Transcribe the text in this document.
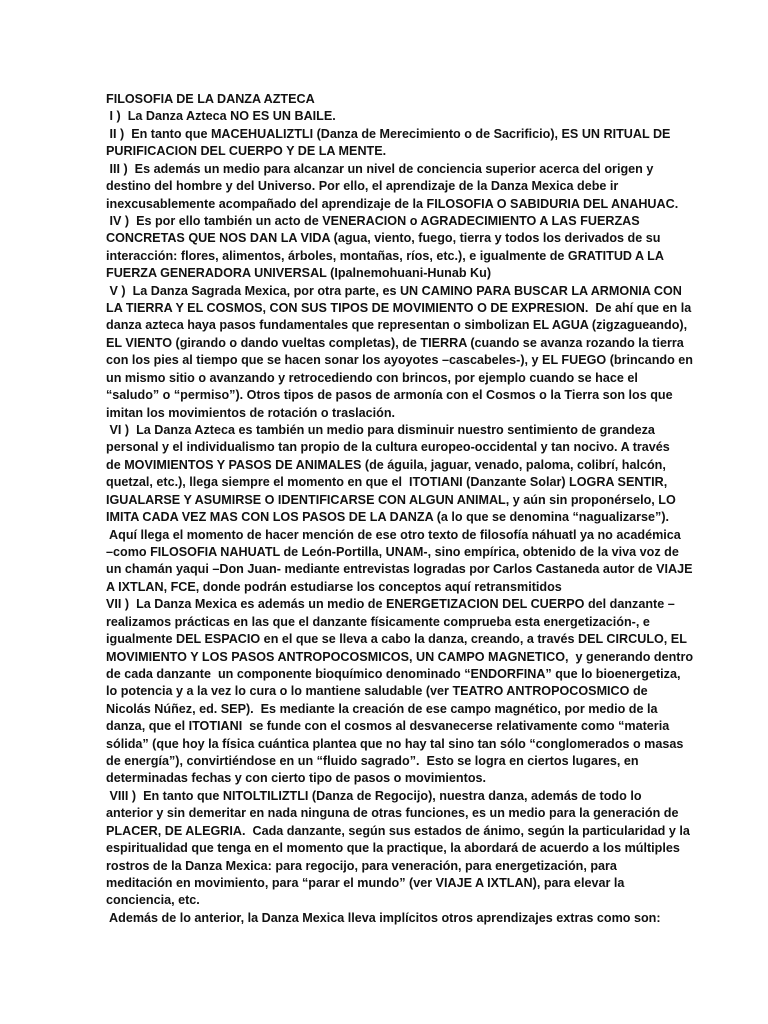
FILOSOFIA DE LA DANZA AZTECA
I )  La Danza Azteca NO ES UN BAILE.
II )  En tanto que MACEHUALIZTLI (Danza de Merecimiento o de Sacrificio), ES UN RITUAL DE
PURIFICACION DEL CUERPO Y DE LA MENTE.
III )  Es además un medio para alcanzar un nivel de conciencia superior acerca del origen y
destino del hombre y del Universo. Por ello, el aprendizaje de la Danza Mexica debe ir
inexcusablemente acompañado del aprendizaje de la FILOSOFIA O SABIDURIA DEL ANAHUAC.
IV )  Es por ello también un acto de VENERACION o AGRADECIMIENTO A LAS FUERZAS
CONCRETAS QUE NOS DAN LA VIDA (agua, viento, fuego, tierra y todos los derivados de su
interacción: flores, alimentos, árboles, montañas, ríos, etc.), e igualmente de GRATITUD A LA
FUERZA GENERADORA UNIVERSAL (Ipalnemohuani-Hunab Ku)
V )  La Danza Sagrada Mexica, por otra parte, es UN CAMINO PARA BUSCAR LA ARMONIA CON
LA TIERRA Y EL COSMOS, CON SUS TIPOS DE MOVIMIENTO O DE EXPRESION.  De ahí que en la
danza azteca haya pasos fundamentales que representan o simbolizan EL AGUA (zigzagueando),
EL VIENTO (girando o dando vueltas completas), de TIERRA (cuando se avanza rozando la tierra
con los pies al tiempo que se hacen sonar los ayoyotes –cascabeles-), y EL FUEGO (brincando en
un mismo sitio o avanzando y retrocediendo con brincos, por ejemplo cuando se hace el
“saludo” o “permiso”). Otros tipos de pasos de armonía con el Cosmos o la Tierra son los que
imitan los movimientos de rotación o traslación.
VI )  La Danza Azteca es también un medio para disminuir nuestro sentimiento de grandeza
personal y el individualismo tan propio de la cultura europeo-occidental y tan nocivo. A través
de MOVIMIENTOS Y PASOS DE ANIMALES (de águila, jaguar, venado, paloma, colibrí, halcón,
quetzal, etc.), llega siempre el momento en que el  ITOTIANI (Danzante Solar) LOGRA SENTIR,
IGUALARSE Y ASUMIRSE O IDENTIFICARSE CON ALGUN ANIMAL, y aún sin proponérselo, LO
IMITA CADA VEZ MAS CON LOS PASOS DE LA DANZA (a lo que se denomina “nagualizarse”).
Aquí llega el momento de hacer mención de ese otro texto de filosofía náhuatl ya no académica
–como FILOSOFIA NAHUATL de León-Portilla, UNAM-, sino empírica, obtenido de la viva voz de
un chamán yaqui –Don Juan- mediante entrevistas logradas por Carlos Castaneda autor de VIAJE
A IXTLAN, FCE, donde podrán estudiarse los conceptos aquí retransmitidos
VII )  La Danza Mexica es además un medio de ENERGETIZACION DEL CUERPO del danzante –
realizamos prácticas en las que el danzante físicamente comprueba esta energetización-, e
igualmente DEL ESPACIO en el que se lleva a cabo la danza, creando, a través DEL CIRCULO, EL
MOVIMIENTO Y LOS PASOS ANTROPOCOSMICOS, UN CAMPO MAGNETICO,  y generando dentro
de cada danzante  un componente bioquímico denominado “ENDORFINA” que lo bioenergetiza,
lo potencia y a la vez lo cura o lo mantiene saludable (ver TEATRO ANTROPOCOSMICO de
Nicolás Núñez, ed. SEP).  Es mediante la creación de ese campo magnético, por medio de la
danza, que el ITOTIANI  se funde con el cosmos al desvanecerse relativamente como “materia
sólida” (que hoy la física cuántica plantea que no hay tal sino tan sólo “conglomerados o masas
de energía”), convirtiéndose en un “fluido sagrado”.  Esto se logra en ciertos lugares, en
determinadas fechas y con cierto tipo de pasos o movimientos.
VIII )  En tanto que NITOLTILIZTLI (Danza de Regocijo), nuestra danza, además de todo lo
anterior y sin demeritar en nada ninguna de otras funciones, es un medio para la generación de
PLACER, DE ALEGRIA.  Cada danzante, según sus estados de ánimo, según la particularidad y la
espiritualidad que tenga en el momento que la practique, la abordará de acuerdo a los múltiples
rostros de la Danza Mexica: para regocijo, para veneración, para energetización, para
meditación en movimiento, para “parar el mundo” (ver VIAJE A IXTLAN), para elevar la
conciencia, etc.
Además de lo anterior, la Danza Mexica lleva implícitos otros aprendizajes extras como son:
